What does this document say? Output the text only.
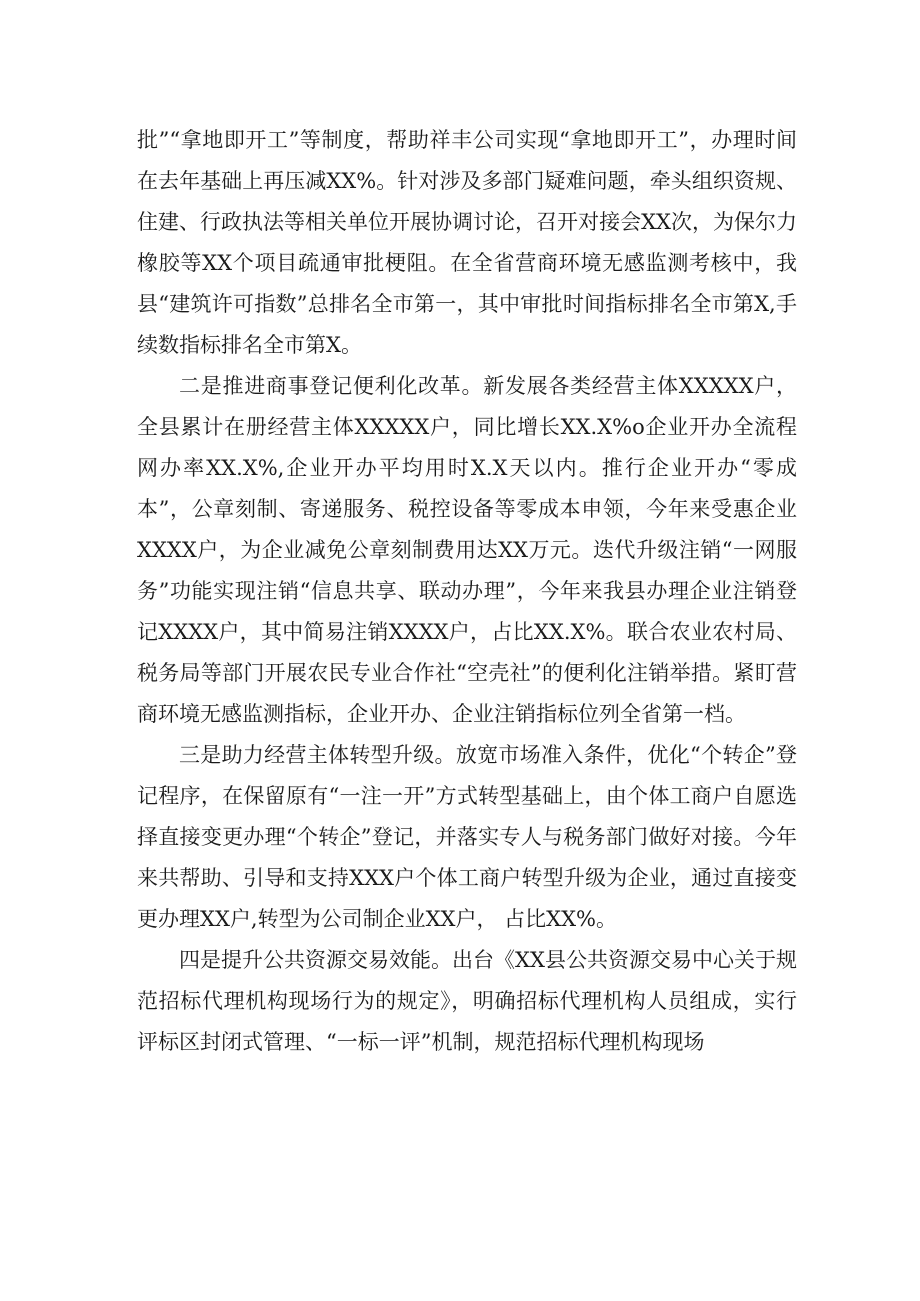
批”“拿地即开工”等制度，帮助祥丰公司实现“拿地即开工”，办理时间在去年基础上再压减XX%。针对涉及多部门疑难问题，牵头组织资规、住建、行政执法等相关单位开展协调讨论，召开对接会XX次，为保尔力橡胶等XX个项目疏通审批梗阻。在全省营商环境无感监测考核中，我县“建筑许可指数”总排名全市第一，其中审批时间指标排名全市第X,手续数指标排名全市第X。

二是推进商事登记便利化改革。新发展各类经营主体XXXXX户，全县累计在册经营主体XXXXX户，同比增长XX.X%o企业开办全流程网办率XX.X%,企业开办平均用时X.X天以内。推行企业开办“零成本”，公章刻制、寄递服务、税控设备等零成本申领，今年来受惠企业XXXX户，为企业减免公章刻制费用达XX万元。迭代升级注销“一网服务”功能实现注销“信息共享、联动办理”，今年来我县办理企业注销登记XXXX户，其中简易注销XXXX户，占比XX.X%。联合农业农村局、税务局等部门开展农民专业合作社“空壳社”的便利化注销举措。紧盯营商环境无感监测指标，企业开办、企业注销指标位列全省第一档。

三是助力经营主体转型升级。放宽市场准入条件，优化“个转企”登记程序，在保留原有“一注一开”方式转型基础上，由个体工商户自愿选择直接变更办理“个转企”登记，并落实专人与税务部门做好对接。今年来共帮助、引导和支持XXX户个体工商户转型升级为企业，通过直接变更办理XX户,转型为公司制企业XX户， 占比XX%。

四是提升公共资源交易效能。出台《XX县公共资源交易中心关于规范招标代理机构现场行为的规定》，明确招标代理机构人员组成，实行评标区封闭式管理、“一标一评”机制，规范招标代理机构现场
